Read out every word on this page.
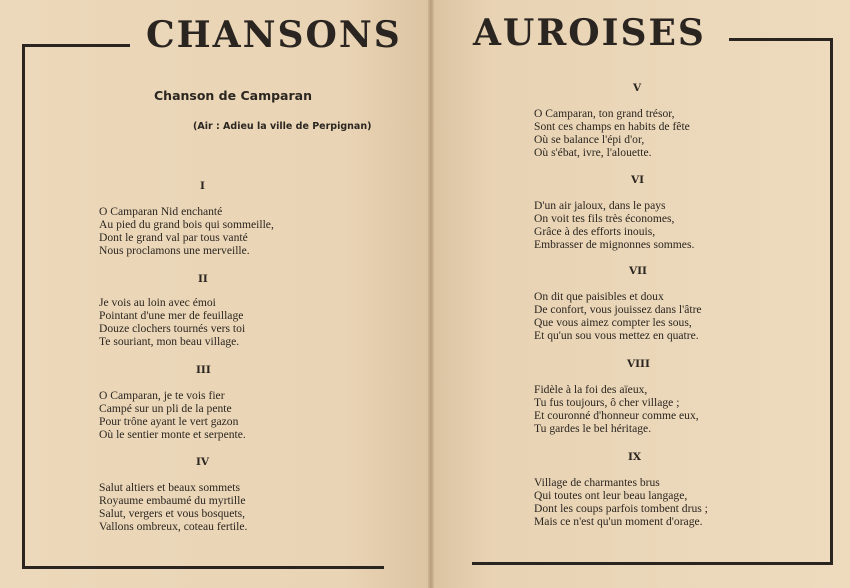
CHANSONS AUROISES
Chanson de Camparan
(Air : Adieu la ville de Perpignan)
I
O Camparan Nid enchanté
Au pied du grand bois qui sommeille,
Dont le grand val par tous vanté
Nous proclamons une merveille.
II
Je vois au loin avec émoi
Pointant d'une mer de feuillage
Douze clochers tournés vers toi
Te souriant, mon beau village.
III
O Camparan, je te vois fier
Campé sur un pli de la pente
Pour trône ayant le vert gazon
Où le sentier monte et serpente.
IV
Salut altiers et beaux sommets
Royaume embaumé du myrtille
Salut, vergers et vous bosquets,
Vallons ombreux, coteau fertile.
V
O Camparan, ton grand trésor,
Sont ces champs en habits de fête
Où se balance l'épi d'or,
Où s'ébat, ivre, l'alouette.
VI
D'un air jaloux, dans le pays
On voit tes fils très économes,
Grâce à des efforts inouis,
Embrasser de mignonnes sommes.
VII
On dit que paisibles et doux
De confort, vous jouissez dans l'âtre
Que vous aimez compter les sous,
Et qu'un sou vous mettez en quatre.
VIII
Fidèle à la foi des aïeux,
Tu fus toujours, ô cher village ;
Et couronné d'honneur comme eux,
Tu gardes le bel héritage.
IX
Village de charmantes brus
Qui toutes ont leur beau langage,
Dont les coups parfois tombent drus ;
Mais ce n'est qu'un moment d'orage.
